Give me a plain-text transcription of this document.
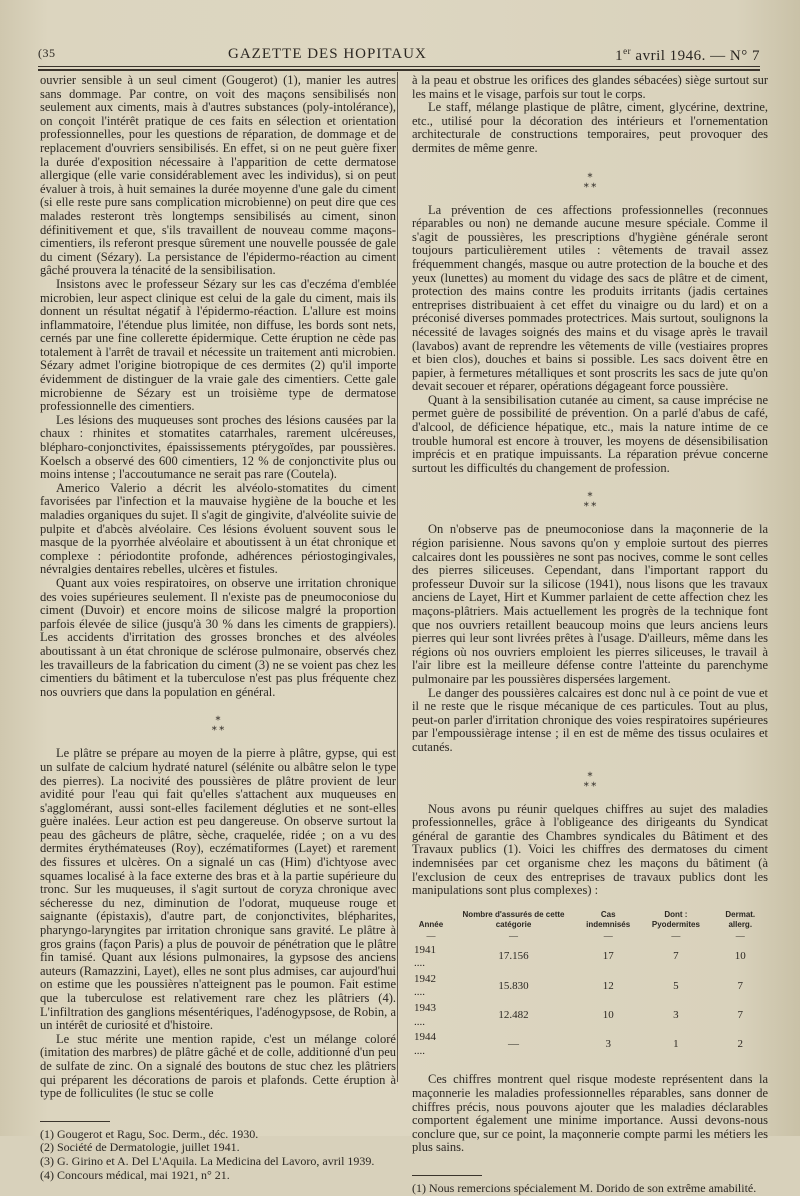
(35	GAZETTE DES HOPITAUX	1er avril 1946. — N° 7

ouvrier sensible à un seul ciment (Gougerot) (1), manier les autres sans dommage. Par contre, on voit des maçons sensibilisés non seulement aux ciments, mais à d'autres substances (poly-intolérance), on conçoit l'intérêt pratique de ces faits en sélection et orientation professionnelles, pour les questions de réparation, de dommage et de replacement d'ouvriers sensibilisés. En effet, si on ne peut guère fixer la durée d'exposition nécessaire à l'apparition de cette dermatose allergique (elle varie considérablement avec les individus), si on peut évaluer à trois, à huit semaines la durée moyenne d'une gale du ciment (si elle reste pure sans complication microbienne) on peut dire que ces malades resteront très longtemps sensibilisés au ciment, sinon définitivement et que, s'ils travaillent de nouveau comme maçons-cimentiers, ils referont presque sûrement une nouvelle poussée de gale du ciment (Sézary). La persistance de l'épidermo-réaction au ciment gâché prouvera la ténacité de la sensibilisation.

Insistons avec le professeur Sézary sur les cas d'eczéma d'emblée microbien, leur aspect clinique est celui de la gale du ciment, mais ils donnent un résultat négatif à l'épidermo-réaction. L'allure est moins inflammatoire, l'étendue plus limitée, non diffuse, les bords sont nets, cernés par une fine collerette épidermique. Cette éruption ne cède pas totalement à l'arrêt de travail et nécessite un traitement anti microbien. Sézary admet l'origine biotropique de ces dermites (2) qu'il importe évidemment de distinguer de la vraie gale des cimentiers. Cette gale microbienne de Sézary est un troisième type de dermatose professionnelle des cimentiers.

Les lésions des muqueuses sont proches des lésions causées par la chaux : rhinites et stomatites catarrhales, rarement ulcéreuses, blépharo-conjonctivites, épaississements ptérygoïdes, par poussières. Koelsch a observé des 600 cimentiers, 12 % de conjonctivite plus ou moins intense ; l'accoutumance ne serait pas rare (Coutela).

Americo Valerio a décrit les alvéolo-stomatites du ciment favorisées par l'infection et la mauvaise hygiène de la bouche et les maladies organiques du sujet. Il s'agit de gingivite, d'alvéolite suivie de pulpite et d'abcès alvéolaire. Ces lésions évoluent souvent sous le masque de la pyorrhée alvéolaire et aboutissent à un état chronique et complexe : périodontite profonde, adhérences périostogingivales, névralgies dentaires rebelles, ulcères et fistules.

Quant aux voies respiratoires, on observe une irritation chronique des voies supérieures seulement. Il n'existe pas de pneumoconiose du ciment (Duvoir) et encore moins de silicose malgré la proportion parfois élevée de silice (jusqu'à 30 % dans les ciments de grappiers). Les accidents d'irritation des grosses bronches et des alvéoles aboutissant à un état chronique de sclérose pulmonaire, observés chez les travailleurs de la fabrication du ciment (3) ne se voient pas chez les cimentiers du bâtiment et la tuberculose n'est pas plus fréquente chez nos ouvriers que dans la population en général.

⁎
⁎ ⁎

Le plâtre se prépare au moyen de la pierre à plâtre, gypse, qui est un sulfate de calcium hydraté naturel (sélénite ou albâtre selon le type des pierres). La nocivité des poussières de plâtre provient de leur avidité pour l'eau qui fait qu'elles s'attachent aux muqueuses en s'agglomérant, aussi sont-elles facilement dégluties et ne sont-elles guère inalées. Leur action est peu dangereuse. On observe surtout la peau des gâcheurs de plâtre, sèche, craquelée, ridée ; on a vu des dermites érythémateuses (Roy), eczématiformes (Layet) et rarement des fissures et ulcères. On a signalé un cas (Him) d'ichtyose avec squames localisé à la face externe des bras et à la partie supérieure du tronc. Sur les muqueuses, il s'agit surtout de coryza chronique avec sécheresse du nez, diminution de l'odorat, muqueuse rouge et saignante (épistaxis), d'autre part, de conjonctivites, blépharites, pharyngo-laryngites par irritation chronique sans gravité. Le plâtre à gros grains (façon Paris) a plus de pouvoir de pénétration que le plâtre fin tamisé. Quant aux lésions pulmonaires, la gypsose des anciens auteurs (Ramazzini, Layet), elles ne sont plus admises, car aujourd'hui on estime que les poussières n'atteignent pas le poumon. Fait estime que la tuberculose est relativement rare chez les plâtriers (4). L'infiltration des ganglions mésentériques, l'adénogypsose, de Robin, a un intérêt de curiosité et d'histoire.

Le stuc mérite une mention rapide, c'est un mélange coloré (imitation des marbres) de plâtre gâché et de colle, additionné d'un peu de sulfate de zinc. On a signalé des boutons de stuc chez les plâtriers qui préparent les décorations de parois et plafonds. Cette éruption à type de folliculites (le stuc se colle

(1) Gougerot et Ragu, Soc. Derm., déc. 1930.

(2) Société de Dermatologie, juillet 1941.

(3) G. Girino et A. Del L'Aquila. La Medicina del Lavoro, avril 1939.

(4) Concours médical, mai 1921, n° 21.

à la peau et obstrue les orifices des glandes sébacées) siège surtout sur les mains et le visage, parfois sur tout le corps.

Le staff, mélange plastique de plâtre, ciment, glycérine, dextrine, etc., utilisé pour la décoration des intérieurs et l'ornementation architecturale de constructions temporaires, peut provoquer des dermites de même genre.

⁎
⁎ ⁎

La prévention de ces affections professionnelles (reconnues réparables ou non) ne demande aucune mesure spéciale. Comme il s'agit de poussières, les prescriptions d'hygiène générale seront toujours particulièrement utiles : vêtements de travail assez fréquemment changés, masque ou autre protection de la bouche et des yeux (lunettes) au moment du vidage des sacs de plâtre et de ciment, protection des mains contre les produits irritants (jadis certaines entreprises distribuaient à cet effet du vinaigre ou du lard) et on a préconisé diverses pommades protectrices. Mais surtout, soulignons la nécessité de lavages soignés des mains et du visage après le travail (lavabos) avant de reprendre les vêtements de ville (vestiaires propres et bien clos), douches et bains si possible. Les sacs doivent être en papier, à fermetures métalliques et sont proscrits les sacs de jute qu'on devait secouer et réparer, opérations dégageant force poussière.

Quant à la sensibilisation cutanée au ciment, sa cause imprécise ne permet guère de possibilité de prévention. On a parlé d'abus de café, d'alcool, de déficience hépatique, etc., mais la nature intime de ce trouble humoral est encore à trouver, les moyens de désensibilisation imprécis et en pratique impuissants. La réparation prévue concerne surtout les difficultés du changement de profession.

⁎
⁎ ⁎

On n'observe pas de pneumoconiose dans la maçonnerie de la région parisienne. Nous savons qu'on y emploie surtout des pierres calcaires dont les poussières ne sont pas nocives, comme le sont celles des pierres siliceuses. Cependant, dans l'important rapport du professeur Duvoir sur la silicose (1941), nous lisons que les travaux anciens de Layet, Hirt et Kummer parlaient de cette affection chez les maçons-plâtriers. Mais actuellement les progrès de la technique font que nos ouvriers retaillent beaucoup moins que leurs anciens leurs pierres qui leur sont livrées prêtes à l'usage. D'ailleurs, même dans les régions où nos ouvriers emploient les pierres siliceuses, le travail à l'air libre est la meilleure défense contre l'atteinte du parenchyme pulmonaire par les poussières dispersées largement.

Le danger des poussières calcaires est donc nul à ce point de vue et il ne reste que le risque mécanique de ces particules. Tout au plus, peut-on parler d'irritation chronique des voies respiratoires supérieures par l'empoussièrage intense ; il en est de même des tissus oculaires et cutanés.

⁎
⁎ ⁎

Nous avons pu réunir quelques chiffres au sujet des maladies professionnelles, grâce à l'obligeance des dirigeants du Syndicat général de garantie des Chambres syndicales du Bâtiment et des Travaux publics (1). Voici les chiffres des dermatoses du ciment indemnisées par cet organisme chez les maçons du bâtiment (à l'exclusion de ceux des entreprises de travaux publics dont les manipulations sont plus complexes) :

Année	Nombre d'assurés de cette catégorie	Cas indemnisés	Dont : Pyodermites	Dermat. allerg.
—	—	—	—	—
1941 ....	17.156	17	7	10
1942 ....	15.830	12	5	7
1943 ....	12.482	10	3	7
1944 ....	—	3	1	2

Ces chiffres montrent quel risque modeste représentent dans la maçonnerie les maladies professionnelles réparables, sans donner de chiffres précis, nous pouvons ajouter que les maladies déclarables comportent également une minime importance. Aussi devons-nous conclure que, sur ce point, la maçonnerie compte parmi les métiers les plus sains.

(1) Nous remercions spécialement M. Dorido de son extrême amabilité.
